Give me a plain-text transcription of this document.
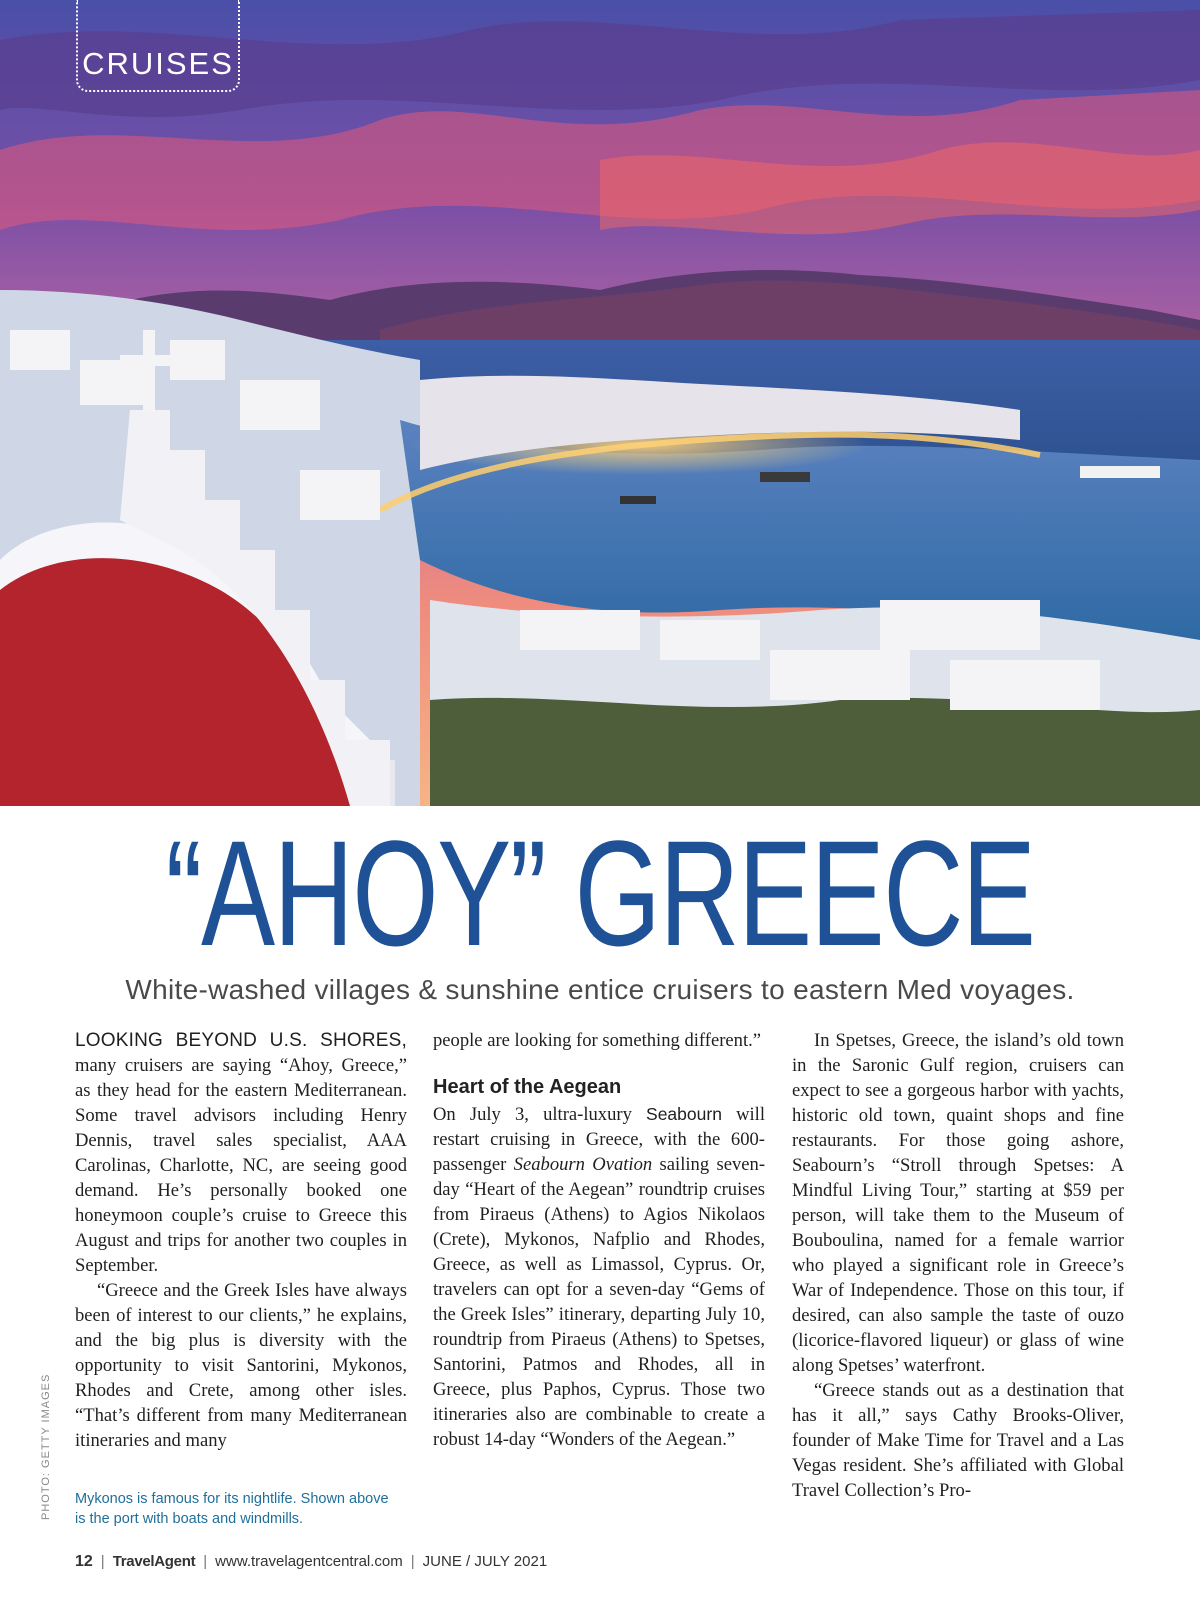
CRUISES
“AHOY” GREECE
White-washed villages & sunshine entice cruisers to eastern Med voyages.

LOOKING BEYOND U.S. SHORES, many cruisers are saying “Ahoy, Greece,” as they head for the eastern Mediterranean. Some travel advisors including Henry Dennis, travel sales specialist, AAA Carolinas, Charlotte, NC, are seeing good demand. He’s personally booked one honeymoon couple’s cruise to Greece this August and trips for another two couples in September.

“Greece and the Greek Isles have always been of interest to our clients,” he explains, and the big plus is diversity with the opportunity to visit Santorini, Mykonos, Rhodes and Crete, among other isles. “That’s different from many Mediterranean itineraries and many

people are looking for something different.”

Heart of the Aegean

On July 3, ultra-luxury Seabourn will restart cruising in Greece, with the 600-passenger Seabourn Ovation sailing seven-day “Heart of the Aegean” roundtrip cruises from Piraeus (Athens) to Agios Nikolaos (Crete), Mykonos, Nafplio and Rhodes, Greece, as well as Limassol, Cyprus. Or, travelers can opt for a seven-day “Gems of the Greek Isles” itinerary, departing July 10, roundtrip from Piraeus (Athens) to Spetses, Santorini, Patmos and Rhodes, all in Greece, plus Paphos, Cyprus. Those two itineraries also are combinable to create a robust 14-day “Wonders of the Aegean.”

In Spetses, Greece, the island’s old town in the Saronic Gulf region, cruisers can expect to see a gorgeous harbor with yachts, historic old town, quaint shops and fine restaurants. For those going ashore, Seabourn’s “Stroll through Spetses: A Mindful Living Tour,” starting at $59 per person, will take them to the Museum of Bouboulina, named for a female warrior who played a significant role in Greece’s War of Independence. Those on this tour, if desired, can also sample the taste of ouzo (licorice-flavored liqueur) or glass of wine along Spetses’ waterfront.

“Greece stands out as a destination that has it all,” says Cathy Brooks-Oliver, founder of Make Time for Travel and a Las Vegas resident. She’s affiliated with Global Travel Collection’s Pro-

Mykonos is famous for its nightlife. Shown above is the port with boats and windmills.
PHOTO: GETTY IMAGES
12 | TravelAgent | www.travelagentcentral.com | JUNE / JULY 2021
